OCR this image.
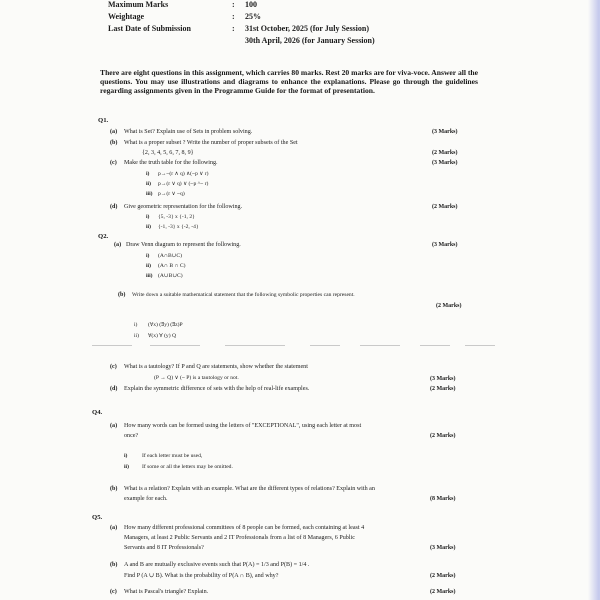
Maximum Marks	: 100
Weightage	: 25%
Last Date of Submission	: 31st October, 2025 (for July Session)
30th April, 2026 (for January Session)
There are eight questions in this assignment, which carries 80 marks. Rest 20 marks are for viva-voce. Answer all the questions. You may use illustrations and diagrams to enhance the explanations. Please go through the guidelines regarding assignments given in the Programme Guide for the format of presentation.
Q1.
(a) What is Set? Explain use of Sets in problem solving.	(3 Marks)
(b) What is a proper subset ? Write the number of proper subsets of the Set
{2, 3, 4, 5, 6, 7, 8, 9}	(2 Marks)
(c) Make the truth table for the following.	(3 Marks)
i) p→~(r ∧ q) ∧(~p ∨ r)
ii) p→(r ∨ q) ∨ (~p ^~ r)
iii) p→(r ∨ ~q)
(d) Give geometric representation for the following.	(2 Marks)
i) {5, -3} x {-1, 2}
ii) {-1, -3} x {-2, -4}
Q2.
(a) Draw Venn diagram to represent the following.	(3 Marks)
i) (A∩B∪C)
ii) (A∩ B ∩ C)
iii) (A∪B∪C)
(b) Write down a suitable mathematical statement that the following symbolic properties can represent.
(2 Marks)
i) (∀x) (∃y) (∃z)P
ii) ∀(x) ∀ (y) Q
(c) What is a tautology? If P and Q are statements, show whether the statement
(P → Q) ∨ (~ P) is a tautology or not.	(3 Marks)
(d) Explain the symmetric difference of sets with the help of real-life examples.	(2 Marks)
Q4.
(a) How many words can be formed using the letters of "EXCEPTIONAL", using each letter at most
once?	(2 Marks)
i)	If each letter must be used,
ii) If some or all the letters may be omitted.
(b) What is a relation? Explain with an example. What are the different types of relations? Explain with an
example for each.	(8 Marks)
Q5.
(a) How many different professional committees of 8 people can be formed, each containing at least 4
Managers, at least 2 Public Servants and 2 IT Professionals from a list of 8 Managers, 6 Public
Servants and 8 IT Professionals?	(3 Marks)
(b) A and B are mutually exclusive events such that P(A) = 1/3 and P(B) = 1/4 .
Find P (A ∪ B). What is the probability of P(A ∩ B), and why?	(2 Marks)
(c) What is Pascal's triangle? Explain.	(2 Marks)
